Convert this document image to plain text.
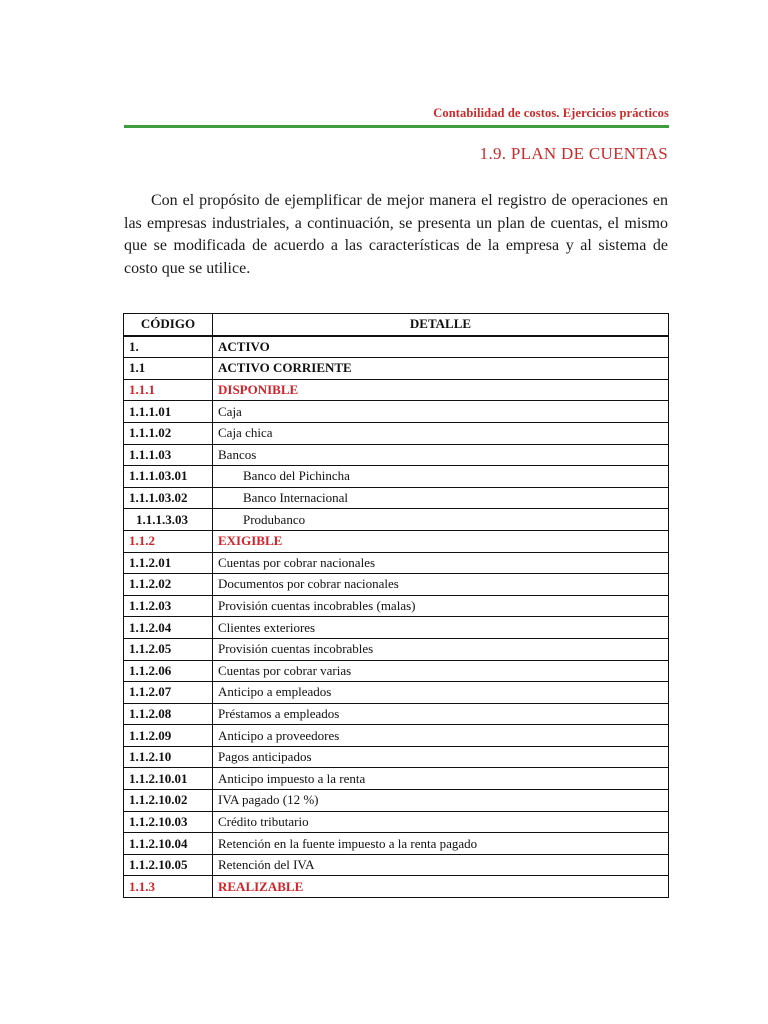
Contabilidad de costos. Ejercicios prácticos
1.9. PLAN DE CUENTAS

Con el propósito de ejemplificar de mejor manera el registro de operaciones en las empresas industriales, a continuación, se presenta un plan de cuentas, el mismo que se modificada de acuerdo a las características de la empresa y al sistema de costo que se utilice.

CÓDIGO	DETALLE
1.	ACTIVO
1.1	ACTIVO CORRIENTE
1.1.1	DISPONIBLE
1.1.1.01	Caja
1.1.1.02	Caja chica
1.1.1.03	Bancos
1.1.1.03.01	Banco del Pichincha
1.1.1.03.02	Banco Internacional
1.1.1.3.03	Produbanco
1.1.2	EXIGIBLE
1.1.2.01	Cuentas por cobrar nacionales
1.1.2.02	Documentos por cobrar nacionales
1.1.2.03	Provisión cuentas incobrables (malas)
1.1.2.04	Clientes exteriores
1.1.2.05	Provisión cuentas incobrables
1.1.2.06	Cuentas por cobrar varias
1.1.2.07	Anticipo a empleados
1.1.2.08	Préstamos a empleados
1.1.2.09	Anticipo a proveedores
1.1.2.10	Pagos anticipados
1.1.2.10.01	Anticipo impuesto a la renta
1.1.2.10.02	IVA pagado (12 %)
1.1.2.10.03	Crédito tributario
1.1.2.10.04	Retención en la fuente impuesto a la renta pagado
1.1.2.10.05	Retención del IVA
1.1.3	REALIZABLE
